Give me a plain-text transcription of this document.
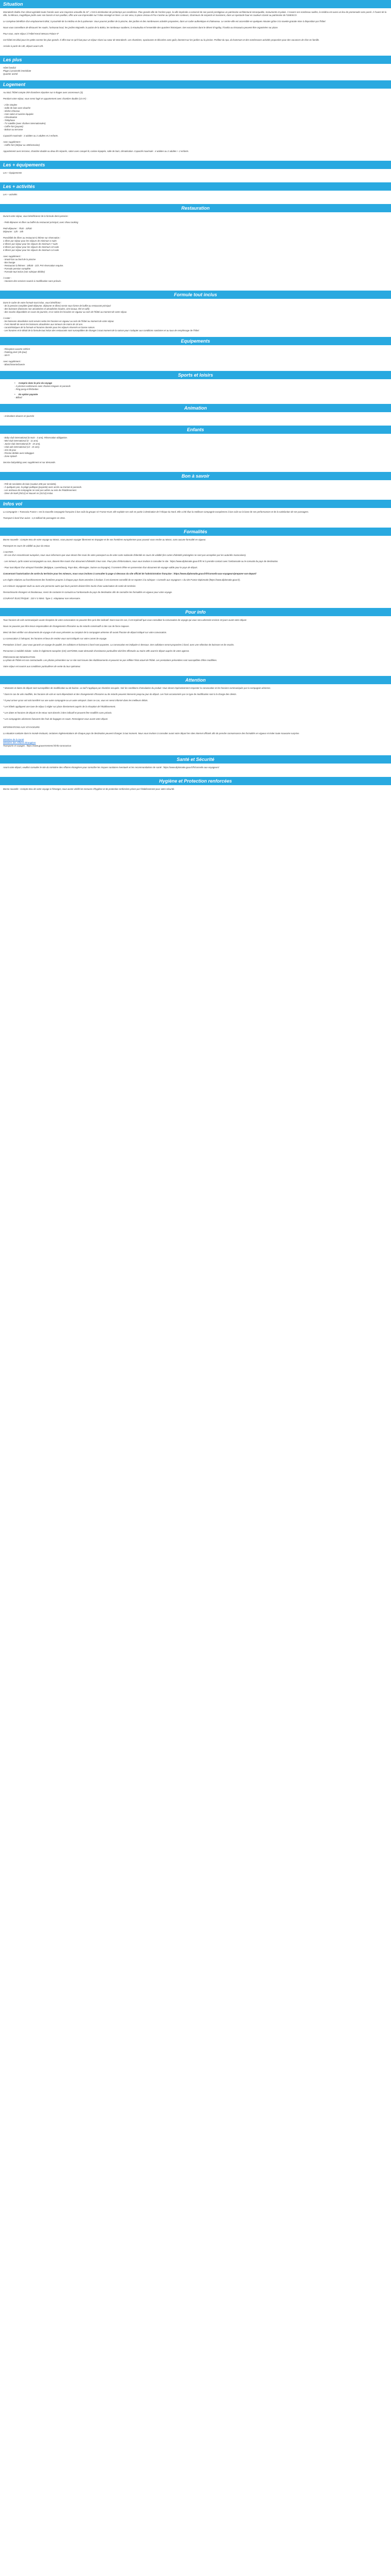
Situation

Marrakech étalée d'un climat agréable toute l'année avec une moyenne annuelle de 22°, c'est la destination de printemps par excellence. Plus grande ville de l'arrière-pays, la ville impériale a conservé de son passé prestigieux un patrimoine architectural remarquable, monuments et palais. À travers ses nombreux ruelles, la médina est aussi un lieu de promenade sans pareil. À l'ouest de la ville, la Ménara, magnifique jardin avec son bassin et son pavillon, offre une vue imprenable sur l'Atlas enneigé en hiver. Le soir venu, la place Jemaa el-Fna s'anime au rythme des conteurs, charmeurs de serpents et musiciens, dans un spectacle haut en couleurs classé au patrimoine de l'UNESCO.

Le complexe bénéficie d'un emplacement idéal, à proximité de la médina et de la palmeraie. Vous pourrez profiter de la piscine, des jardins et des nombreuses activités proposées, dans un cadre authentique et chaleureux. Le centre-ville est accessible en quelques minutes grâce à la navette gratuite mise à disposition par l'hôtel.

Nous vous conseillons de découvrir les souks, l'artisanat local, les jardins Majorelle, le palais de la Bahia, les tombeaux saadiens, la Koutoubia et l'ensemble des quartiers historiques. Des excursions dans le désert d'Agafay, l'Ourika ou Essaouira peuvent être organisées sur place.

Pour vous, votre séjour à l'Hôtel Kenzi Menara Palace 5*

Cet hôtel est idéal pour les petits comme les plus grands. Il offre tout ce qu'il faut pour un séjour réussi au cœur de Marrakech. Les chambres, spacieuses et décorées avec goût, donnent sur les jardins ou la piscine. Profitez du spa, du hammam et des nombreuses activités proposées pour des vacances de rêve en famille.

Arrivée à partir de 14h, départ avant 12h.

Les plus

Hôtel familial

Plage à proximité immédiate

Quartier animé

Logement

Au total, l'hôtel compte 259 chambres réparties sur 6 étages avec ascenseurs (3).

Pendant votre séjour, vous serez logé en appartement avec chambre double (13 m²) :

- 2 lits simples

- Salle de bain avec douche

- Sèche-cheveux

- Coin salon et cuisine équipée

- Climatisation

- Téléphone

- TV satellite (avec chaînes internationales)

- Coffre-fort (payant)

- Balcon ou terrasse

Capacité maximale : 3 adultes ou 2 adultes et 2 enfants.

Avec supplément :

- Coffre-fort (3€/jour ou 18€/semaine)

Appartement avec terrasse, chambre double ou deux lits séparés, salon avec canapé-lit, cuisine équipée, salle de bain, climatisation. Capacité maximale : 4 adultes ou 2 adultes + 2 enfants.

Les + équipements

Les + équipements

Les + activités

Les + activités

Restauration

Durant votre séjour, vous bénéficierez de la formule demi-pension :

- Petit-déjeuner et dîner au buffet du restaurant principal, avec show cooking

Petit-déjeuner : 7h30 - 10h30

Déjeuner : 12h - 15h

Possibilité de dîner au restaurant à thème sur réservation :

1 dîner par séjour pour les séjours de minimum 4 nuits

2 dîners par séjour pour les séjours de minimum 7 nuits

3 dîners par séjour pour les séjours de minimum 10 nuits

4 dîners par séjour pour les séjours de minimum 14 nuits

Avec supplément :

- Snack-bar au bord de la piscine

- Bar lounge

- Restaurant à thèmes : 18h30 - 21h. Pré-réservation requise.

- Formule pension complète

- Formule tout inclus (voir rubrique dédiée)

À noter :

- Horaires des services soumis à modification sans préavis.

Formule tout inclus

Dans le cadre de votre formule tout inclus, vous bénéficiez :

- de la pension complète (petit-déjeuner, déjeuner et dîner) servie sous forme de buffet au restaurant principal

- des boissons (boissons non alcoolisées et alcoolisées locales, vins locaux, thé et café)

- des snacks disponibles en cours de journée, et ce selon les horaires en vigueur au sein de l'hôtel au moment de votre séjour.

À noter :

- les boissons alcoolisées sont servies selon les horaires en vigueur au sein de l'hôtel au moment de votre séjour.

- il est interdit de servir les boissons alcoolisées aux mineurs de moins de 18 ans.

- caractéristiques de la formule et horaires donnés pour les séjours réservés en basse saison.

- Les horaires et le détail de la formule tout inclus des restaurants sont susceptibles de changer à tout moment de la saison pour s'adapter aux conditions sanitaires et au taux de remplissage de l'hôtel.

Equipements

- Réception ouverte 24h/24

- Parking privé (45 /jour)

- Wi-Fi

Avec supplément :

- Blanchisserie/laverie

Sports et loisirs

• Compris dans le prix du voyage

- 2 piscines extérieures avec chaises longues et parasols

- Ping-pong et fléchettes

• En option payante

- Billard

Animation

- Animations douces en journée

Enfants

- Baby-club international (6 mois - 3 ans). Réservation obligatoire.

- Mini-club international (4 - 11 ans).

- Junior-club international (9 - 15 ans).

- Club ado international (13 - 15 ans).

- Aire de jeux

- Piscine dédiée avec toboggan

- Zone Splash

Service babysitting avec supplément et sur demande.

Bon à savoir

- Prêt de serviettes de bain (caution 20€ par serviette).

- À quelques pas, la plage publique (payante) avec accès au transat et parasols.

- Les animaux de compagnie ne sont pas admis au sein de l'établissement.

- Diner de Noël (25/12) et Nouvel An (31/12) inclus.

Infos vol

La compagnie « Transavia France » est la nouvelle compagnie française à bas coût du groupe Air France-KLM, elle exploite ses vols en partie à destination de l'Afrique du Nord. Elle a été élue la meilleure compagnie européenne à bas coût sur la base de ses performances et de la satisfaction de ses passagers.

Transport à bord d'un avion : 1,6 milliard de passagers en 2011.

Formalités

Bonne nouvelle : Compte tenu de votre voyage au Maroc, vous pouvez voyager librement en Espagne et de vos frontières européennes pour pouvoir vous rendre au Maroc, sans aucune formalité en vigueur.

Passeport en cours de validité au jour du retour.

À NOTER :

- En cas d'un ressortissant européen, nous vous informons que vous devez être muni de votre passeport ou de votre carte nationale d'identité en cours de validité (les cartes d'identité prolongées ne sont pas acceptées par les autorités marocaines).

- Les mineurs, qu'ils soient accompagnés ou non, doivent être munis d'un document d'identité à leur nom. Pour plus d'informations, nous vous invitons à consulter le site : https://www.diplomatie.gouv.fr/fr/ et à prendre contact avec l'ambassade ou le consulat du pays de destination.

- Pour tout départ d'un aéroport frontalier (Belgique, Luxembourg, Pays-Bas, Allemagne, Suisse ou Espagne), il convient d'être en possession d'un document de voyage valide pour le pays de départ.

Concernant l'autorisation de sortie du territoire pour les mineurs, nous vous invitons à consulter la page ci-dessous du site officiel de l'administration française : https://www.diplomatie.gouv.fr/fr/conseils-aux-voyageurs/preparer-son-depart/

Les règles relatives au franchissement des frontières propres à chaque pays étant amenées à évoluer, il est vivement conseillé de se reporter à la rubrique « Conseils aux voyageurs » du site France Diplomatie (https://www.diplomatie.gouv.fr).

Les mineurs voyageant seuls ou avec une personne autre que leurs parents doivent être munis d'une autorisation de sortie de territoire.

Ressortissants étrangers et binationaux, merci de contacter le consulat ou l'ambassade du pays de destination afin de connaître les formalités en vigueur pour votre voyage.

COURANT ÉLECTRIQUE : 220 V à 50Hz. Type C. Adaptateur non nécessaire.

Pour info

Tous horaires de vols communiqués avant réception de votre convocation ne peuvent être qu'à titre indicatif. Dans tous les cas, il est impératif que vous consultiez la convocation de voyage qui vous sera adressée environ 10 jours avant votre départ.

Nous ne pouvons pas être tenus responsables de changements d'horaires ou de retards consécutifs à des cas de force majeure.

Merci de bien vérifier vos documents de voyage et de vous présenter au comptoir de la compagnie aérienne 3h avant l'horaire de départ indiqué sur votre convocation.

La convocation à l'aéroport, les horaires et lieux de rendez-vous sont indiqués sur votre carnet de voyage.

Prestations à bord : pour vous garantir un voyage de qualité, les collations et boissons à bord sont payantes. La convocation est indiquée ci-dessous. Des collations seront proposées à bord, avec une sélection de boissons et de snacks.

Personnes à mobilité réduite : selon le règlement européen (CE) 1107/2006, toute demande d'assistance particulière doit être effectuée au moins 48h avant le départ auprès de votre agence.

PRÉCISION DE RÉSERVATION

La photo de l'hôtel est non contractuelle. Les photos présentées sur ce site sont issues des établissements et peuvent ne pas refléter l'état actuel de l'hôtel. Les prestations présentées sont susceptibles d'être modifiées.

Votre séjour est soumis aux conditions particulières de vente du tour opérateur.

Attention

* Montants et dates de départ sont susceptibles de modification ou de baisse. Le tarif s'applique par chambre occupée. Voir les conditions d'annulation du produit. Vous devez impérativement respecter la convocation et les horaires communiqués par la compagnie aérienne.

* Dans le cas de vols modifiés, les horaires de vols en sont dépendants et des changements d'horaires ou de retards peuvent intervenir jusqu'au jour du départ. Les frais occasionnés par ce type de modification sont à la charge des clients.

* Il peut arriver qu'un vol soit transféré sur une autre compagnie ou un autre aéroport. Dans ce cas, vous en serez informé dans les meilleurs délais.

* Les hôtels appliquent une taxe de séjour à régler sur place directement auprès de la réception de l'établissement.

* Les dates et horaires de départ et de retour sont donnés à titre indicatif et peuvent être modifiés sans préavis.

* Les compagnies aériennes facturent des frais de bagages en soute. Renseignez-vous avant votre départ.

INFORMATIONS AUX VOYAGEURS

La situation sanitaire dans le monde évoluant, certaines règlementations de chaque pays de destination peuvent changer à tout moment. Nous vous invitons à consulter avant votre départ les sites internet officiels afin de prendre connaissance des formalités en vigueur et éviter toute mauvaise surprise.

Ministère de la Santé

Ministère des Affaires Étrangères

Transports et voyages : https://www.gouvernement.fr/info-coronavirus

Santé et Sécurité

Avant votre départ, veuillez consulter le site du ministère des Affaires étrangères pour connaître les risques sanitaires éventuels et les recommandations de santé : https://www.diplomatie.gouv.fr/fr/conseils-aux-voyageurs/

Hygiène et Protection renforcées

Bonne nouvelle : Compte tenu de votre voyage à l'étranger, nous avons vérifié les mesures d'hygiène et de protection renforcées prises par l'établissement pour votre sécurité.
